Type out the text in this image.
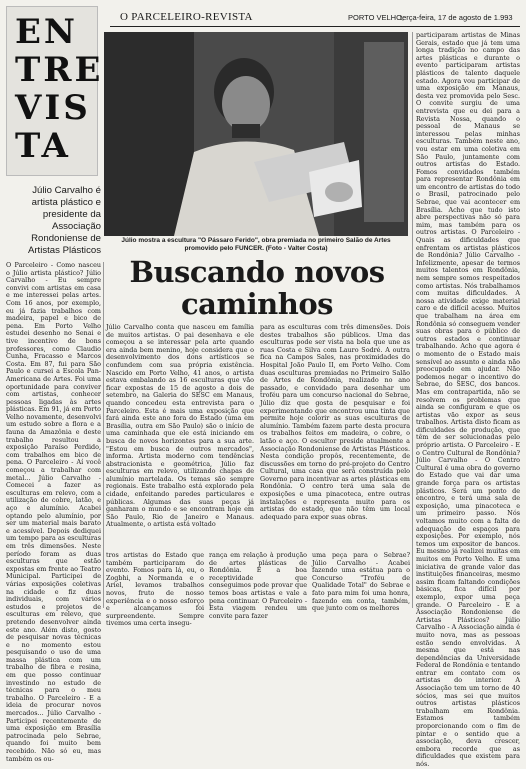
O PARCELEIRO-REVISTA	PORTO VELHO,
terça-feira, 17 de agosto de 1.993
EN
TRE
VIS
TA
Júlio Carvalho é artista plástico e presidente da Associação Rondoniense de Artistas Plásticos
Júlio mostra a escultura "O Pássaro Ferido", obra premiada no primeiro Salão de Artes promovido pelo FUNCER. (Foto - Valter Costa)
Buscando novos caminhos
O Parceleiro - Como nasceu o Júlio artista plástico? Júlio Carvalho - Eu sempre convivi com artistas em casa e me interessei pelas artes. Com 16 anos, por exemplo, eu já fazia trabalhos com madeira, papel e bico de pena. Em Porto Velho estudei desenho no Senai e tive incentivo de bons professores, como Claudio Cunha, Fracasso e Marcos Costa. Em 87, fui para São Paulo e cursei a Escola Pan-Americana de Artes. Foi uma oportunidade para conviver com artistas, conhecer pessoas ligadas às artes plásticas. Em 91, já em Porto Velho novamente, desenvolvi um estudo sobre a flora e a fauna da Amazônia e deste trabalho resultou a exposição Paraíso Perdido, com trabalhos em bico de pena. O Parceleiro - Aí você começou a trabalhar com metal... Júlio Carvalho - Comecei a fazer as esculturas em relevo, com a utilização de cobre, latão, e aço e alumínio. Acabei optando pelo alumínio, por ser um material mais barato e acessível. Depois dediquei um tempo para as esculturas em três dimensões. Neste período foram as duas esculturas que estão expostas em frente ao Teatro Municipal. Participei de várias exposições coletivas na cidade e fiz duas individuais, com vários estudos e projetos de esculturas em relevo, que pretendo desenvolver ainda este ano. Além disto, gosto de pesquisar novas técnicas e no momento estou pesquisando o uso de uma massa plástica com um trabalho de fibra e resina, em que posso continuar investindo no estudo de técnicas para o meu trabalho. O Parceleiro - E a ideia de procurar novos mercados... Júlio Carvalho - Participei recentemente de uma exposição em Brasília patrocinada pelo Sebrae, quando foi muito bem recebido. Não só eu, mas também os ou-
Júlio Carvalho conta que nasceu em família de muitos artistas. O pai desenhava e ele começou a se interessar pela arte quando era ainda bem menino, hoje considera que o desenvolvimento dos dons artísticos se confundem com sua própria existência. Nascido em Porto Velho, 41 anos, o artista estava embalando as 16 esculturas que vão ficar expostas de 15 de agosto a dois de setembro, na Galeria do SESC em Manaus, quando concedeu esta entrevista para o Parceleiro. Esta é mais uma exposição que fará ainda este ano fora do Estado (uma em Brasília, outra em São Paulo) são o início de uma caminhada que ele está iniciando em busca de novos horizontes para a sua arte. "Estou em busca de outros mercados", informa. Artista moderno com tendências abstracionista e geométrica, Júlio faz esculturas em relevo, utilizando chapas de alumínio martelada. Os temas são sempre regionais. Este trabalho está explorado pela cidade, enfeitando paredes particulares e públicas. Algumas das suas peças já ganharam o mundo e se encontram hoje em São Paulo, Rio de Janeiro e Manaus. Atualmente, o artista está voltado
para as esculturas com três dimensões. Dois destes trabalhos são públicos. Uma das esculturas pode ser vista na bola que une as ruas Costa e Silva com Lauro Sodré. A outra fica na Campos Sales, nas proximidades do Hospital João Paulo II, em Porto Velho. Com duas esculturas premiadas no Primeiro Salão de Artes de Rondônia, realizado no ano passado, e convidado para desenhar um troféu para um concurso nacional do Sebrae, Júlio diz que gosta de pesquisar e foi experimentando que encontrou uma tinta que permite hoje colorir as suas esculturas de alumínio. Também fazem parte desta procura os trabalhos feitos em madeira, o cobre, o latão e aço. O escultor preside atualmente a Associação Rondoniense de Artistas Plásticos. Nesta condição propôs, recentemente, de discussões em torno do pré-projeto do Centro Cultural, uma casa que será construída pelo Governo para incentivar as artes plásticas em Rondônia. O centro terá uma sala de exposições e uma pinacoteca, entre outras instalações e representa muito para os artistas do estado, que não têm um local adequado para expor suas obras.
tros artistas do Estado que também participaram do evento. Fomos para lá, eu, o Zogbhi, a Normanda e o Ariel, levamos trabalhos novos, fruto de nosso experiência e o nosso esforço e alcançamos foi surpreendente. Sempre tivemos uma certa insegu-
rança em relação à produção de artes plásticas de Rondônia. E a boa receptividade que conseguimos pode provar que temos boas artistas e vale a pena continuar. O Parceleiro - Esta viagem rendeu um convite para fazer
uma peça para o Sebrae? Júlio Carvalho - Acabei fazendo uma estátua para o Concurso "Troféu de Qualidade Total" do Sebrae e fato para mim foi uma honra, fazendo em conta, também, que junto com os melhores
participaram artistas de Minas Gerais, estado que já tem uma longa tradição no campo das artes plásticas e durante o evento participaram artistas plásticos de talento daquele estado. Agora vou participar de uma exposição em Manaus, desta vez promovida pelo Sesc. O convite surgiu de uma entrevista que eu dei para a Revista Nossa, quando o pessoal de Manaus se interessou pelas minhas esculturas. Também neste ano, vou estar em uma coletiva em São Paulo, juntamente com outros artistas do Estado. Fomos convidados também para representar Rondônia em um encontro de artistas do todo o Brasil, patrocinado pelo Sebrae, que vai acontecer em Brasília. Acho que tudo isto abre perspectivas não só para mim, mas também para os outros artistas. O Parceleiro - Quais as dificuldades que enfrentam os artistas plásticos de Rondônia? Júlio Carvalho - Infelizmente, apesar de termos muitos talentos em Rondônia, nem sempre somos respeitados como artistas. Nós trabalhamos com muitas dificuldades. A nossa atividade exige material caro e de difícil acesso. Muitos que trabalham na área em Rondônia só conseguem vender suas obras para o público de outros estados e continuar trabalhando. Acho que agora é o momento de o Estado mais sensível ao assunto e ainda não preocupado em ajudar. Não podemos negar o incentivo do Sebrae, do SESC, dos bancos. Mas em contrapartida, não se resolvem os problemas que ainda se configuram e que os artistas vão expor as seus trabalhos. Artista disto ficam as dificuldades de produção, que têm de ser solucionadas pelo próprio artista. O Parceleiro - E o Centro Cultural de Rondônia? Júlio Carvalho - O Centro Cultural é uma obra do governo do Estado que vai dar uma grande força para os artistas plásticos. Será um ponto de encontro, e terá uma sala de exposição, uma pinacoteca e um primeiro passo. Nós voltamos muito com a falta de adequação de espaços para exposições. Por exemplo, nós temos um expositor de bancos. Eu mesmo já realizei muitas em muitos em Porto Velho. E uma iniciativa de grande valor das instituições financeiras, mesmo assim ficam faltando condições básicas, fica difícil por exemplo, expor uma peça grande. O Parceleiro - E a Associação Rondoniense de Artistas Plásticos? Júlio Carvalho - A Associação ainda é muito nova, mas as pessoas estão sendo envolvidas. A mesma que está nas dependências da Universidade Federal de Rondônia e tentando entrar em contato com os artistas do interior. A Associação tem um torno de 40 sócios, mas sei que muitos outros artistas plásticos trabalham em Rondônia. Estamos também proporcionando com o fim de pintar e o sentido que a associação, deva crescer, embora recorde que as dificuldades que existem para nós.
